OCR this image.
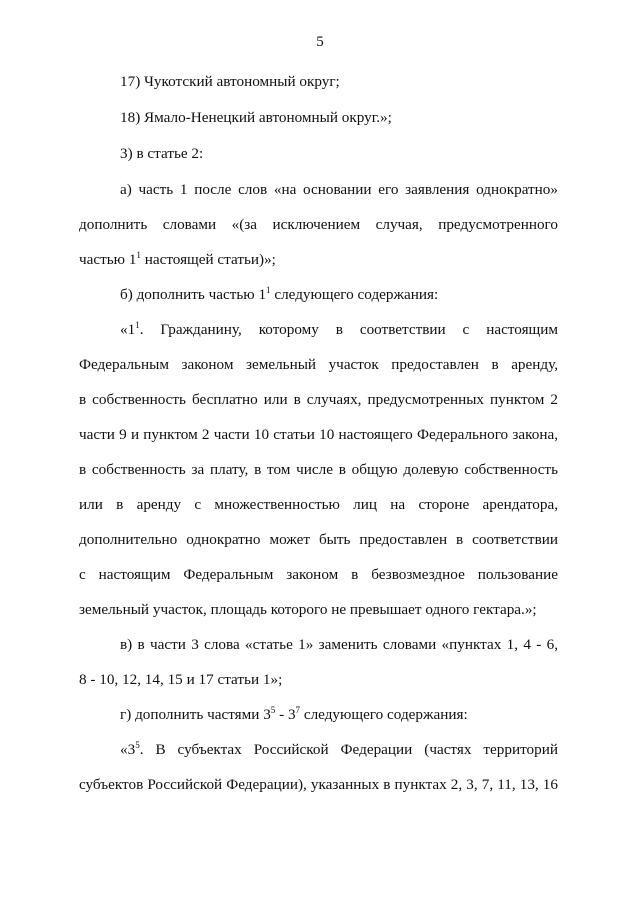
5
17) Чукотский автономный округ;
18) Ямало-Ненецкий автономный округ.»;
3) в статье 2:
а) часть 1 после слов «на основании его заявления однократно»
дополнить словами «(за исключением случая, предусмотренного
частью $1^1$ настоящей статьи)»;
б) дополнить частью $1^1$ следующего содержания:
«$1^1$. Гражданину, которому в соответствии с настоящим
Федеральным законом земельный участок предоставлен в аренду,
в собственность бесплатно или в случаях, предусмотренных пунктом 2
части 9 и пунктом 2 части 10 статьи 10 настоящего Федерального закона,
в собственность за плату, в том числе в общую долевую собственность
или в аренду с множественностью лиц на стороне арендатора,
дополнительно однократно может быть предоставлен в соответствии
с настоящим Федеральным законом в безвозмездное пользование
земельный участок, площадь которого не превышает одного гектара.»;
в) в части 3 слова «статье 1» заменить словами «пунктах 1, 4 - 6,
8 - 10, 12, 14, 15 и 17 статьи 1»;
г) дополнить частями $3^5 - 3^7$ следующего содержания:
«$3^5$. В субъектах Российской Федерации (частях территорий
субъектов Российской Федерации), указанных в пунктах 2, 3, 7, 11, 13, 16
